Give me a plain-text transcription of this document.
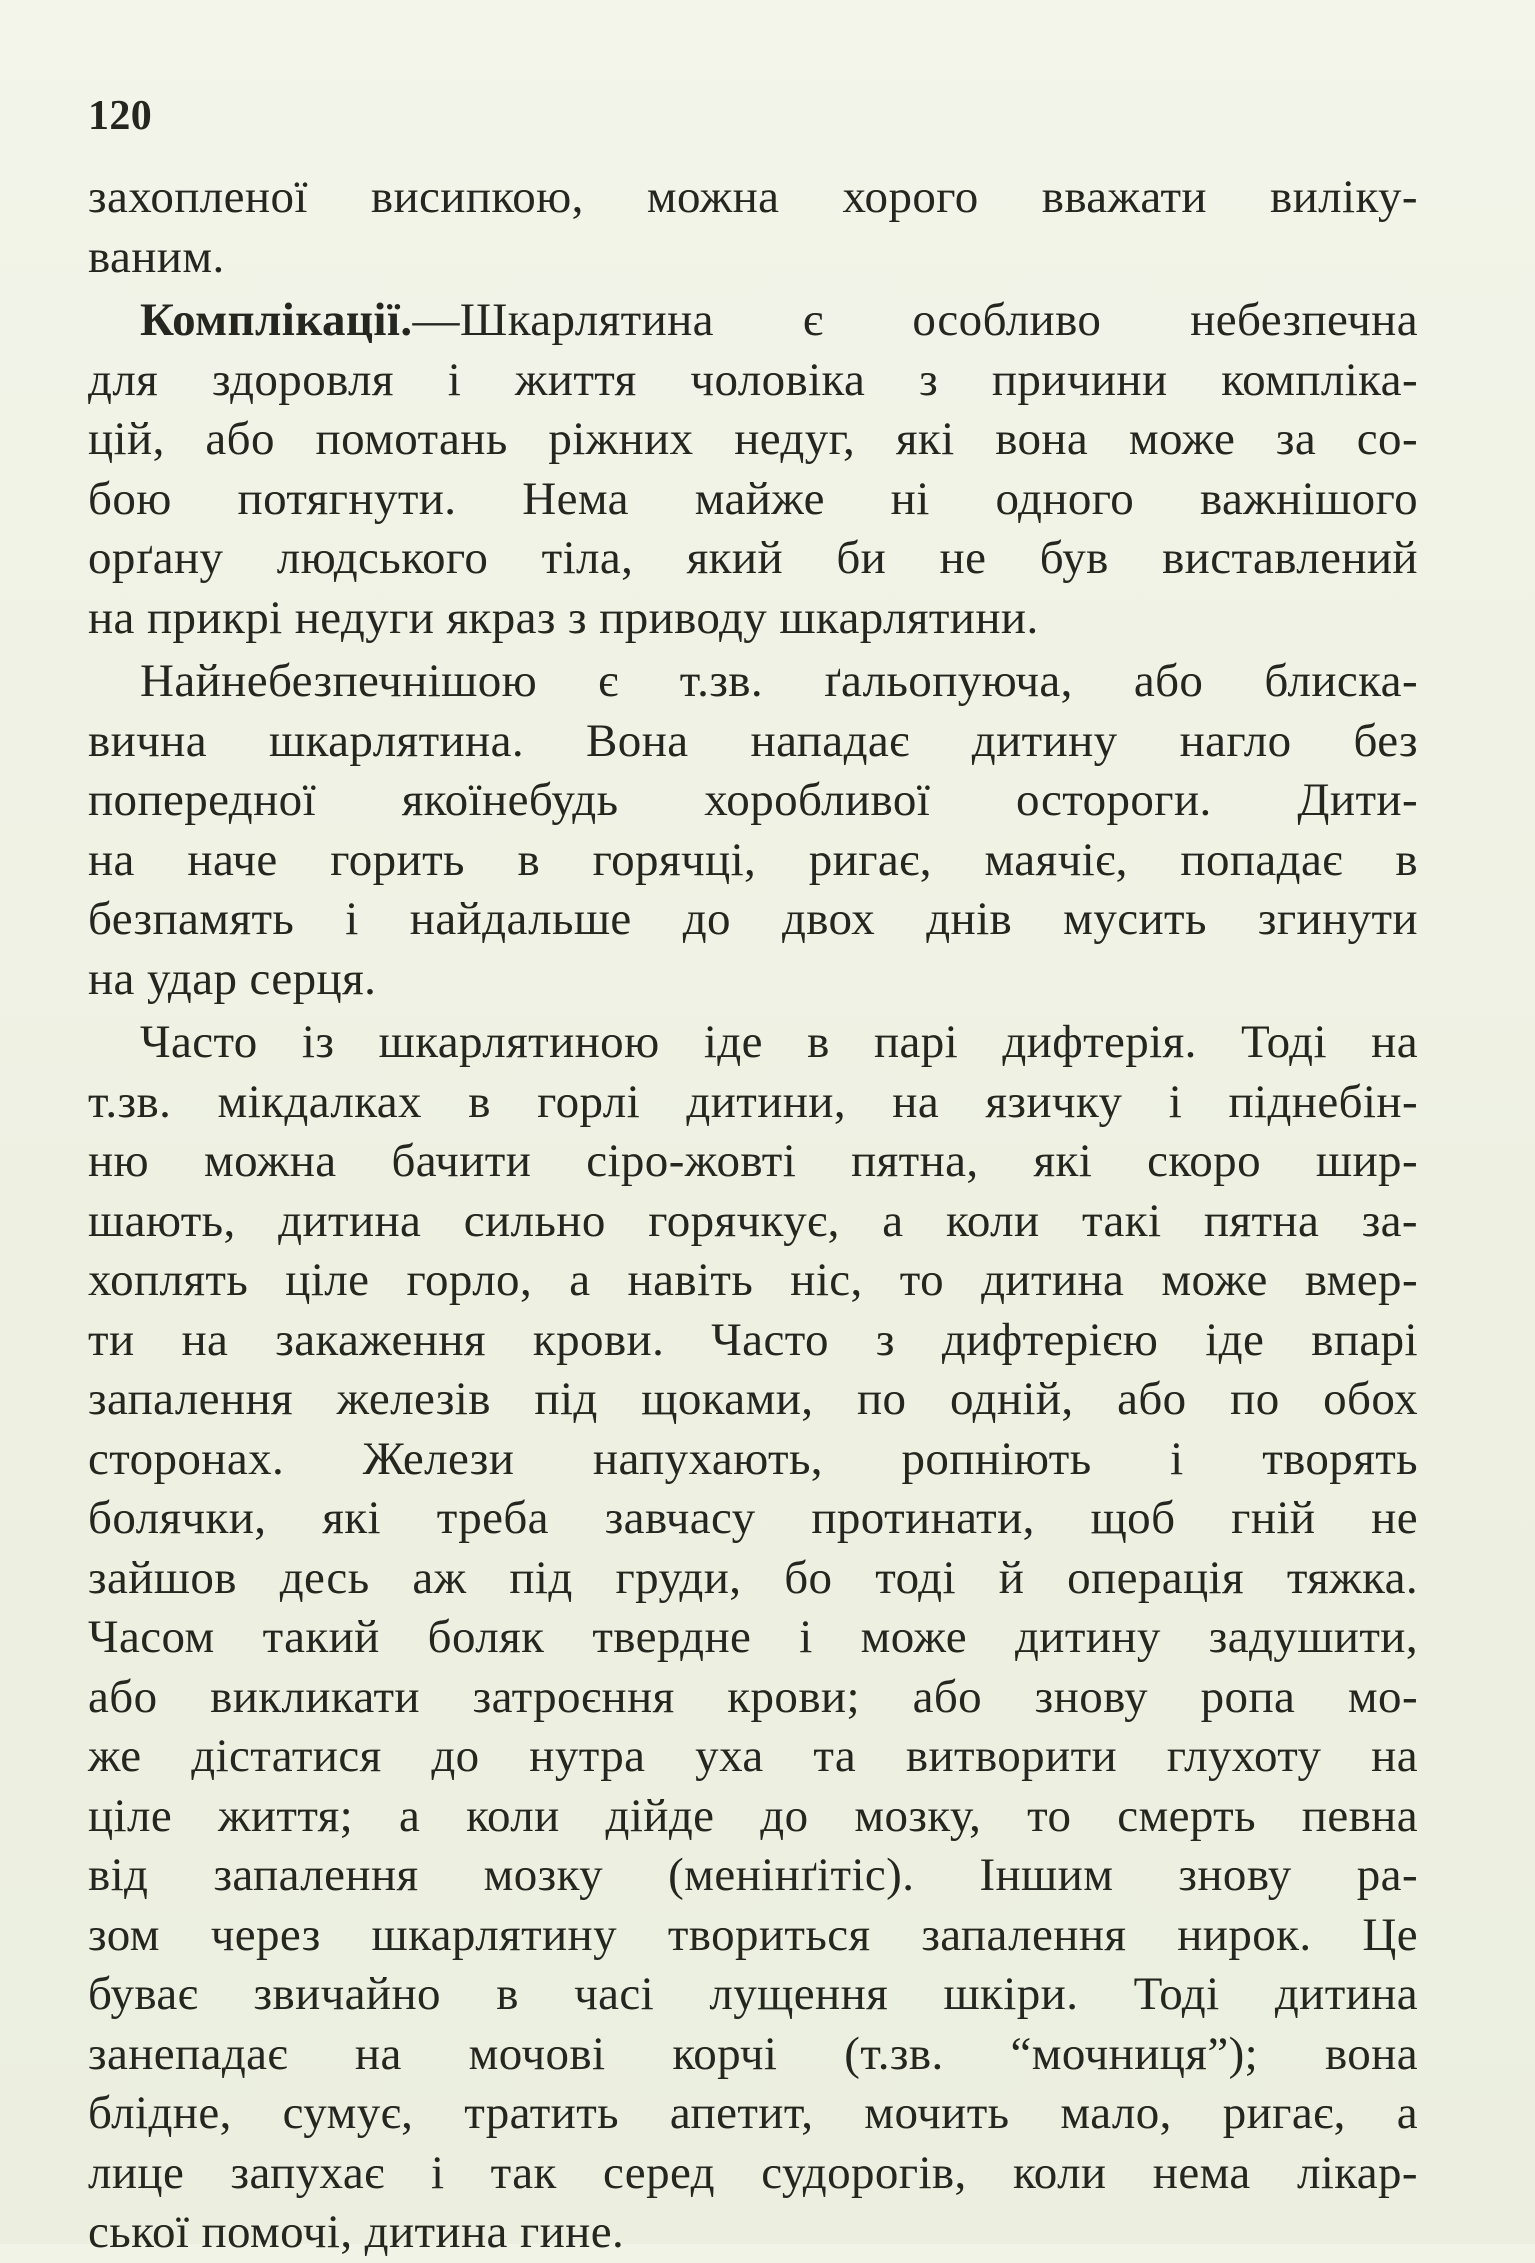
120
захопленої висипкою, можна хорого вважати виліку-
ваним.
Комплікації.—Шкарлятина є особливо небезпечна
для здоровля і життя чоловіка з причини компліка-
цій, або помотань ріжних недуг, які вона може за со-
бою потягнути. Нема майже ні одного важнішого
орґану людського тіла, який би не був виставлений
на прикрі недуги якраз з приводу шкарлятини.
Найнебезпечнішою є т.зв. ґальопуюча, або блиска-
вична шкарлятина. Вона нападає дитину нагло без
попередної якоїнебудь хоробливої осторoги. Дити-
на наче горить в горячці, ригає, маячіє, попадає в
безпамять і найдальше до двох днів мусить згинути
на удар серця.
Часто із шкарлятиною іде в парі дифтерія. Тоді на
т.зв. мікдалках в горлі дитини, на язичку і піднебін-
ню можна бачити сіро-жовті пятна, які скоро шир-
шають, дитина сильно горячкує, а коли такі пятна за-
хоплять ціле горло, а навіть ніс, то дитина може вмер-
ти на закаження крови. Часто з дифтерією іде впарі
запалення железів під щоками, по одній, або по обох
сторонах. Желези напухають, ропніють і творять
болячки, які треба завчасу протинати, щоб гній не
зайшов десь аж під груди, бо тоді й операція тяжка.
Часом такий боляк твердне і може дитину задушити,
або викликати затроєння крови; або знову ропа мо-
же дістатися до нутра уха та витворити глухоту на
ціле життя; а коли дійде до мозку, то смерть певна
від запалення мозку (менінґітіс). Іншим знову ра-
зом через шкарлятину твориться запалення нирок. Це
буває звичайно в часі лущення шкіри. Тоді дитина
занепадає на мочові корчі (т.зв. “мочниця”); вона
блідне, сумує, тратить апетит, мочить мало, ригає, а
лице запухає і так серед судорогів, коли нема лікар-
ської помочі, дитина гине.
